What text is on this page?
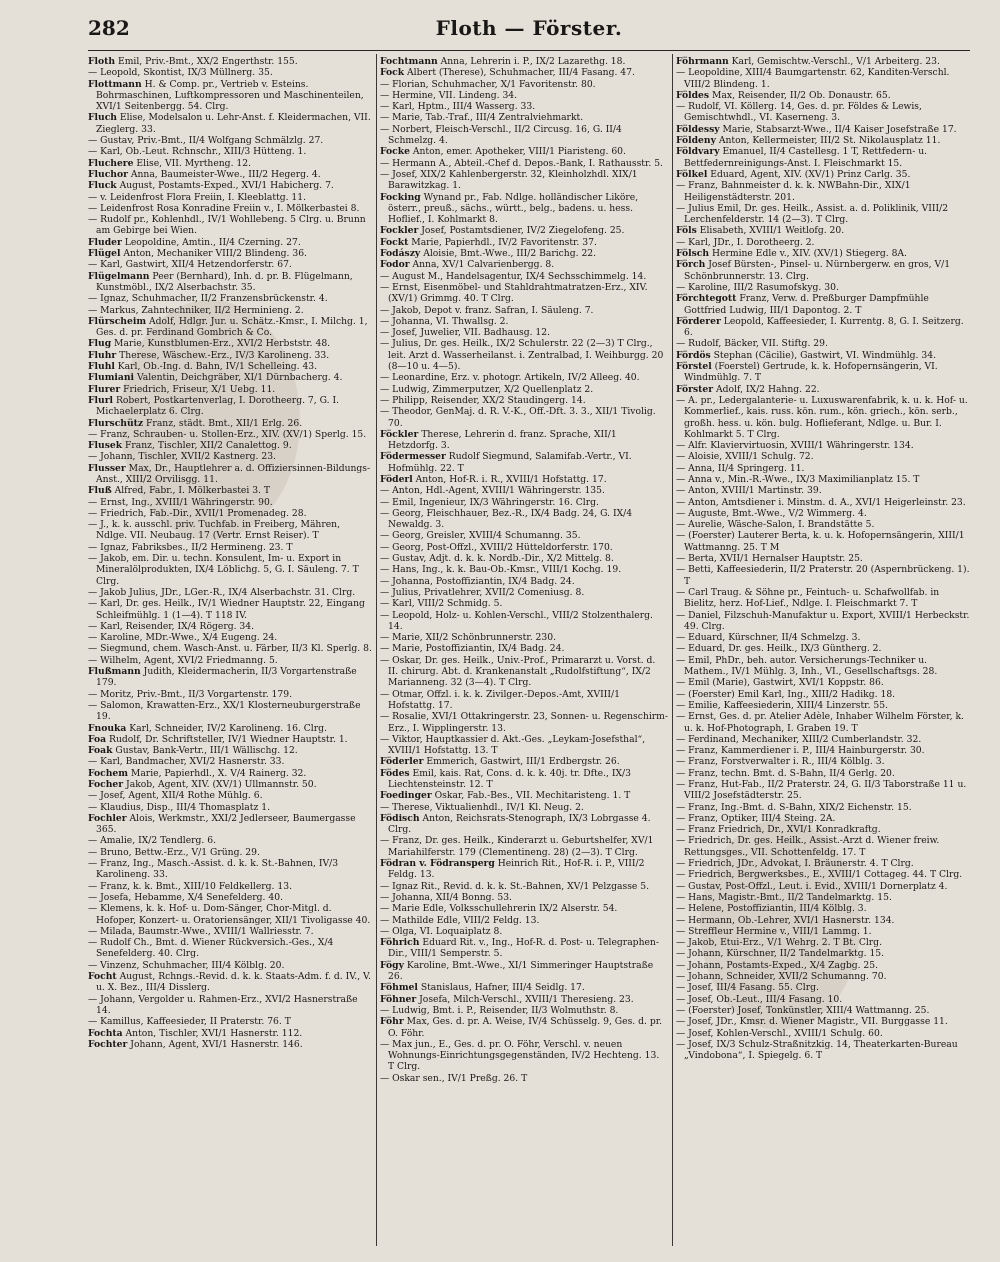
282	Floth — Förster.

Floth Emil, Priv.-Bmt., XX/2 Engerthstr. 155.

— Leopold, Skontist, IX/3 Müllnerg. 35.

Flottmann H. & Comp. pr., Vertrieb v. Esteins. Bohrmaschinen, Luftkompressoren und Maschinenteilen, XVI/1 Seitenbergg. 54. Clrg.

Fluch Elise, Modelsalon u. Lehr-Anst. f. Kleidermachen, VII. Zieglerg. 33.

— Gustav, Priv.-Bmt., II/4 Wolfgang Schmälzlg. 27.

— Karl, Ob.-Leut. Rchnschr., XIII/3 Hütteng. 1.

Fluchere Elise, VII. Myrtheng. 12.

Fluchor Anna, Baumeister-Wwe., III/2 Hegerg. 4.

Fluck August, Postamts-Exped., XVI/1 Habicherg. 7.

— v. Leidenfrost Flora Freiin, I. Kleeblattg. 11.

— Leidenfrost Rosa Konradine Freiin v., I. Mölkerbastei 8.

— Rudolf pr., Kohlenhdl., IV/1 Wohllebeng. 5 Clrg. u. Brunn am Gebirge bei Wien.

Fluder Leopoldine, Amtin., II/4 Czerning. 27.

Flügel Anton, Mechaniker VIII/2 Blindeng. 36.

— Karl, Gastwirt, XII/4 Hetzendorferstr. 67.

Flügelmann Peer (Bernhard), Inh. d. pr. B. Flügelmann, Kunstmöbl., IX/2 Alserbachstr. 35.

— Ignaz, Schuhmacher, II/2 Franzensbrückenstr. 4.

— Markus, Zahntechniker, II/2 Herminieng. 2.

Flürscheim Adolf, Hdlgr. Jur. u. Schätz.-Kmsr., I. Milchg. 1, Ges. d. pr. Ferdinand Gombrich & Co.

Flug Marie, Kunstblumen-Erz., XVI/2 Herbststr. 48.

Fluhr Therese, Wäschew.-Erz., IV/3 Karolineng. 33.

Fluhl Karl, Ob.-Ing. d. Bahn, IV/1 Schelleing. 43.

Flumiani Valentin, Deichgräber, XI/1 Dürnbacherg. 4.

Flurer Friedrich, Friseur, X/1 Uebg. 11.

Flurl Robert, Postkartenverlag, I. Dorotheerg. 7, G. I. Michaelerplatz 6. Clrg.

Flurschütz Franz, städt. Bmt., XII/1 Erlg. 26.

— Franz, Schrauben- u. Stollen-Erz., XIV. (XV/1) Sperlg. 15.

Flusek Franz, Tischler, XII/2 Canalettog. 9.

— Johann, Tischler, XVII/2 Kastnerg. 23.

Flusser Max, Dr., Hauptlehrer a. d. Offiziersinnen-Bildungs-Anst., XIII/2 Orvilisgg. 11.

Fluß Alfred, Fabr., I. Mölkerbastei 3. T

— Ernst, Ing., XVIII/1 Währingerstr. 90.

— Friedrich, Fab.-Dir., XVII/1 Promenadeg. 28.

— J., k. k. ausschl. priv. Tuchfab. in Freiberg, Mähren, Ndlge. VII. Neubaug. 17 (Vertr. Ernst Reiser). T

— Ignaz, Fabriksbes., II/2 Hermineng. 23. T

— Jakob, em. Dir. u. techn. Konsulent, Im- u. Export in Mineralölprodukten, IX/4 Löblichg. 5, G. I. Säuleng. 7. T Clrg.

— Jakob Julius, JDr., LGer.-R., IX/4 Alserbachstr. 31. Clrg.

— Karl, Dr. ges. Heilk., IV/1 Wiedner Hauptstr. 22, Eingang Schleifmühlg. 1 (1—4). T 118 IV.

— Karl, Reisender, IX/4 Rögerg. 34.

— Karoline, MDr.-Wwe., X/4 Eugeng. 24.

— Siegmund, chem. Wasch-Anst. u. Färber, II/3 Kl. Sperlg. 8.

— Wilhelm, Agent, XVI/2 Friedmanng. 5.

Flußmann Judith, Kleidermacherin, II/3 Vorgartenstraße 179.

— Moritz, Priv.-Bmt., II/3 Vorgartenstr. 179.

— Salomon, Krawatten-Erz., XX/1 Klosterneuburgerstraße 19.

Fnouka Karl, Schneider, IV/2 Karolineng. 16. Clrg.

Foa Rudolf, Dr. Schriftsteller, IV/1 Wiedner Hauptstr. 1.

Foak Gustav, Bank-Vertr., III/1 Wällischg. 12.

— Karl, Bandmacher, XVI/2 Hasnerstr. 33.

Fochem Marie, Papierhdl., X. V/4 Rainerg. 32.

Focher Jakob, Agent, XIV. (XV/1) Ullmannstr. 50.

— Josef, Agent, XII/4 Rothe Mühlg. 6.

— Klaudius, Disp., III/4 Thomasplatz 1.

Fochler Alois, Werkmstr., XXI/2 Jedlerseer, Baumergasse 365.

— Amalie, IX/2 Tendlerg. 6.

— Bruno, Bettw.-Erz., V/1 Grüng. 29.

— Franz, Ing., Masch.-Assist. d. k. k. St.-Bahnen, IV/3 Karolineng. 33.

— Franz, k. k. Bmt., XIII/10 Feldkellerg. 13.

— Josefa, Hebamme, X/4 Senefelderg. 40.

— Klemens, k. k. Hof- u. Dom-Sänger, Chor-Mitgl. d. Hofoper, Konzert- u. Oratoriensänger, XII/1 Tivoligasse 40.

— Milada, Baumstr.-Wwe., XVIII/1 Wallriesstr. 7.

— Rudolf Ch., Bmt. d. Wiener Rückversich.-Ges., X/4 Senefelderg. 40. Clrg.

— Vinzenz, Schuhmacher, III/4 Kölblg. 20.

Focht August, Rchngs.-Revid. d. k. k. Staats-Adm. f. d. IV., V. u. X. Bez., III/4 Disslerg.

— Johann, Vergolder u. Rahmen-Erz., XVI/2 Hasnerstraße 14.

— Kamillus, Kaffeesieder, II Praterstr. 76. T

Fochta Anton, Tischler, XVI/1 Hasnerstr. 112.

Fochter Johann, Agent, XVI/1 Hasnerstr. 146.

Fochtmann Anna, Lehrerin i. P., IX/2 Lazarethg. 18.

Fock Albert (Therese), Schuhmacher, III/4 Fasang. 47.

— Florian, Schuhmacher, X/1 Favoritenstr. 80.

— Hermine, VII. Lindeng. 34.

— Karl, Hptm., III/4 Wasserg. 33.

— Marie, Tab.-Traf., III/4 Zentralviehmarkt.

— Norbert, Fleisch-Verschl., II/2 Circusg. 16, G. II/4 Schmelzg. 4.

Focke Anton, emer. Apotheker, VIII/1 Piaristeng. 60.

— Hermann A., Abteil.-Chef d. Depos.-Bank, I. Rathausstr. 5.

— Josef, XIX/2 Kahlenbergerstr. 32, Kleinholzhdl. XIX/1 Barawitzkag. 1.

Focking Wynand pr., Fab. Ndlge. holländischer Liköre, österr., preuß., sächs., württ., belg., badens. u. hess. Hoflief., I. Kohlmarkt 8.

Fockler Josef, Postamtsdiener, IV/2 Ziegelofeng. 25.

Fockt Marie, Papierhdl., IV/2 Favoritenstr. 37.

Fodászy Aloisie, Bmt.-Wwe., III/2 Barichg. 22.

Fodor Anna, XV/1 Calvarienbergg. 8.

— August M., Handelsagentur, IX/4 Sechsschimmelg. 14.

— Ernst, Eisenmöbel- und Stahldrahtmatratzen-Erz., XIV. (XV/1) Grimmg. 40. T Clrg.

— Jakob, Depot v. franz. Safran, I. Säuleng. 7.

— Johanna, VI. Thwallsg. 2.

— Josef, Juwelier, VII. Badhausg. 12.

— Julius, Dr. ges. Heilk., IX/2 Schulerstr. 22 (2—3) T Clrg., leit. Arzt d. Wasserheilanst. i. Zentralbad, I. Weihburgg. 20 (8—10 u. 4—5).

— Leonardine, Erz. v. photogr. Artikeln, IV/2 Alleeg. 40.

— Ludwig, Zimmerputzer, X/2 Quellenplatz 2.

— Philipp, Reisender, XX/2 Staudingerg. 14.

— Theodor, GenMaj. d. R. V.-K., Off.-Dft. 3. 3., XII/1 Tivolig. 70.

Föckler Therese, Lehrerin d. franz. Sprache, XII/1 Hetzdorfg. 3.

Födermesser Rudolf Siegmund, Salamifab.-Vertr., VI. Hofmühlg. 22. T

Föderl Anton, Hof-R. i. R., XVIII/1 Hofstattg. 17.

— Anton, Hdl.-Agent, XVIII/1 Währingerstr. 135.

— Emil, Ingenieur, IX/3 Währingerstr. 16. Clrg.

— Georg, Fleischhauer, Bez.-R., IX/4 Badg. 24, G. IX/4 Newaldg. 3.

— Georg, Greisler, XVIII/4 Schumanng. 35.

— Georg, Post-Offzl., XVIII/2 Hütteldorferstr. 170.

— Gustav, Adjt. d. k. k. Nordb.-Dir., X/2 Mittelg. 8.

— Hans, Ing., k. k. Bau-Ob.-Kmsr., VIII/1 Kochg. 19.

— Johanna, Postoffiziantin, IX/4 Badg. 24.

— Julius, Privatlehrer, XVII/2 Comeniusg. 8.

— Karl, VIII/2 Schmidg. 5.

— Leopold, Holz- u. Kohlen-Verschl., VIII/2 Stolzenthalerg. 14.

— Marie, XII/2 Schönbrunnerstr. 230.

— Marie, Postoffiziantin, IX/4 Badg. 24.

— Oskar, Dr. ges. Heilk., Univ.-Prof., Primararzt u. Vorst. d. II. chirurg. Abt. d. Krankenanstalt „Rudolfstiftung“, IX/2 Marianneng. 32 (3—4). T Clrg.

— Otmar, Offzl. i. k. k. Zivilger.-Depos.-Amt, XVIII/1 Hofstattg. 17.

— Rosalie, XVI/1 Ottakringerstr. 23, Sonnen- u. Regenschirm-Erz., I. Wipplingerstr. 13.

— Viktor, Hauptkassier d. Akt.-Ges. „Leykam-Josefsthal“, XVIII/1 Hofstattg. 13. T

Föderler Emmerich, Gastwirt, III/1 Erdbergstr. 26.

Födes Emil, kais. Rat, Cons. d. k. k. 40j. tr. Dfte., IX/3 Liechtensteinstr. 12. T

Foedinger Oskar, Fab.-Bes., VII. Mechitaristeng. 1. T

— Therese, Viktualienhdl., IV/1 Kl. Neug. 2.

Födisch Anton, Reichsrats-Stenograph, IX/3 Lobrgasse 4. Clrg.

— Franz, Dr. ges. Heilk., Kinderarzt u. Geburtshelfer, XV/1 Mariahilferstr. 179 (Clementineng. 28) (2—3). T Clrg.

Födran v. Födransperg Heinrich Rit., Hof-R. i. P., VIII/2 Feldg. 13.

— Ignaz Rit., Revid. d. k. k. St.-Bahnen, XV/1 Pelzgasse 5.

— Johanna, XII/4 Bonng. 53.

— Marie Edle, Volksschullehrerin IX/2 Alserstr. 54.

— Mathilde Edle, VIII/2 Feldg. 13.

— Olga, VI. Loquaiplatz 8.

Föhrich Eduard Rit. v., Ing., Hof-R. d. Post- u. Telegraphen-Dir., VIII/1 Semperstr. 5.

Fögy Karoline, Bmt.-Wwe., XI/1 Simmeringer Hauptstraße 26.

Föhmel Stanislaus, Hafner, III/4 Seidlg. 17.

Föhner Josefa, Milch-Verschl., XVIII/1 Theresieng. 23.

— Ludwig, Bmt. i. P., Reisender, II/3 Wolmuthstr. 8.

Föhr Max, Ges. d. pr. A. Weise, IV/4 Schüsselg. 9, Ges. d. pr. O. Föhr.

— Max jun., E., Ges. d. pr. O. Föhr, Verschl. v. neuen Wohnungs-Einrichtungsgegenständen, IV/2 Hechteng. 13. T Clrg.

— Oskar sen., IV/1 Preßg. 26. T

Föhrmann Karl, Gemischtw.-Verschl., V/1 Arbeiterg. 23.

— Leopoldine, XIII/4 Baumgartenstr. 62, Kanditen-Verschl. VIII/2 Blindeng. 1.

Földes Max, Reisender, II/2 Ob. Donaustr. 65.

— Rudolf, VI. Köllerg. 14, Ges. d. pr. Földes & Lewis, Gemischtwhdl., VI. Kaserneng. 3.

Földessy Marie, Stabsarzt-Wwe., II/4 Kaiser Josefstraße 17.

Földeny Anton, Kellermeister, III/2 St. Nikolausplatz 11.

Földvary Emanuel, II/4 Castellesg. 1 T, Rettfedern- u. Bettfedernreinigungs-Anst. I. Fleischmarkt 15.

Fölkel Eduard, Agent, XIV. (XV/1) Prinz Carlg. 35.

— Franz, Bahnmeister d. k. k. NWBahn-Dir., XIX/1 Heiligenstädterstr. 201.

— Julius Emil, Dr. ges. Heilk., Assist. a. d. Poliklinik, VIII/2 Lerchenfelderstr. 14 (2—3). T Clrg.

Föls Elisabeth, XVIII/1 Weitlofg. 20.

— Karl, JDr., I. Dorotheerg. 2.

Fölsch Hermine Edle v., XIV. (XV/1) Stiegerg. 8A.

Förch Josef Bürsten-, Pinsel- u. Nürnbergerw. en gros, V/1 Schönbrunnerstr. 13. Clrg.

— Karoline, III/2 Rasumofskyg. 30.

Förchtegott Franz, Verw. d. Preßburger Dampfmühle Gottfried Ludwig, III/1 Dapontog. 2. T

Förderer Leopold, Kaffeesieder, I. Kurrentg. 8, G. I. Seitzerg. 6.

— Rudolf, Bäcker, VII. Stiftg. 29.

Fördös Stephan (Cäcilie), Gastwirt, VI. Windmühlg. 34.

Förstel (Foerstel) Gertrude, k. k. Hofopernsängerin, VI. Windmühlg. 7. T

Förster Adolf, IX/2 Hahng. 22.

— A. pr., Ledergalanterie- u. Luxuswarenfabrik, k. u. k. Hof- u. Kommerlief., kais. russ. kön. rum., kön. griech., kön. serb., großh. hess. u. kön. bulg. Hoflieferant, Ndlge. u. Bur. I. Kohlmarkt 5. T Clrg.

— Alfr. Klaviervirtuosin, XVIII/1 Währingerstr. 134.

— Aloisie, XVIII/1 Schulg. 72.

— Anna, II/4 Springerg. 11.

— Anna v., Min.-R.-Wwe., IX/3 Maximilianplatz 15. T

— Anton, XVIII/1 Martinstr. 39.

— Anton, Amtsdiener i. Minstm. d. A., XVI/1 Heigerleinstr. 23.

— Auguste, Bmt.-Wwe., V/2 Wimmerg. 4.

— Aurelie, Wäsche-Salon, I. Brandstätte 5.

— (Foerster) Lauterer Berta, k. u. k. Hofopernsängerin, XIII/1 Wattmanng. 25. T M

— Berta, XVII/1 Hernalser Hauptstr. 25.

— Betti, Kaffeesiederin, II/2 Praterstr. 20 (Aspernbrückeng. 1). T

— Carl Traug. & Söhne pr., Feintuch- u. Schafwollfab. in Bielitz, herz. Hof-Lief., Ndlge. I. Fleischmarkt 7. T

— Daniel, Filzschuh-Manufaktur u. Export, XVIII/1 Herbeckstr. 49. Clrg.

— Eduard, Kürschner, II/4 Schmelzg. 3.

— Eduard, Dr. ges. Heilk., IX/3 Güntherg. 2.

— Emil, PhDr., beh. autor. Versicherungs-Techniker u. Mathem., IV/1 Mühlg. 3, Inh., VI., Gesellschaftsgs. 28.

— Emil (Marie), Gastwirt, XVI/1 Koppstr. 86.

— (Foerster) Emil Karl, Ing., XIII/2 Hadikg. 18.

— Emilie, Kaffeesiederin, XIII/4 Linzerstr. 55.

— Ernst, Ges. d. pr. Atelier Adèle, Inhaber Wilhelm Förster, k. u. k. Hof-Photograph, I. Graben 19. T

— Ferdinand, Mechaniker, XIII/2 Cumberlandstr. 32.

— Franz, Kammerdiener i. P., III/4 Hainburgerstr. 30.

— Franz, Forstverwalter i. R., III/4 Kölblg. 3.

— Franz, techn. Bmt. d. S-Bahn, II/4 Gerlg. 20.

— Franz, Hut-Fab., II/2 Praterstr. 24, G. II/3 Taborstraße 11 u. VIII/2 Josefstädterstr. 25.

— Franz, Ing.-Bmt. d. S-Bahn, XIX/2 Eichenstr. 15.

— Franz, Optiker, III/4 Steing. 2A.

— Franz Friedrich, Dr., XVI/1 Konradkraftg.

— Friedrich, Dr. ges. Heilk., Assist.-Arzt d. Wiener freiw. Rettungsges., VII. Schottenfeldg. 17. T

— Friedrich, JDr., Advokat, I. Bräunerstr. 4. T Clrg.

— Friedrich, Bergwerksbes., E., XVIII/1 Cottageg. 44. T Clrg.

— Gustav, Post-Offzl., Leut. i. Evid., XVIII/1 Dornerplatz 4.

— Hans, Magistr.-Bmt., II/2 Tandelmarktg. 15.

— Helene, Postoffiziantin, III/4 Kölblg. 3.

— Hermann, Ob.-Lehrer, XVI/1 Hasnerstr. 134.

— Streffleur Hermine v., VIII/1 Lammg. 1.

— Jakob, Etui-Erz., V/1 Wehrg. 2. T Bt. Clrg.

— Johann, Kürschner, II/2 Tandelmarktg. 15.

— Johann, Postamts-Exped., X/4 Zagbg. 25.

— Johann, Schneider, XVII/2 Schumanng. 70.

— Josef, III/4 Fasang. 55. Clrg.

— Josef, Ob.-Leut., III/4 Fasang. 10.

— (Foerster) Josef, Tonkünstler, XIII/4 Wattmanng. 25.

— Josef, JDr., Kmsr. d. Wiener Magistr., VII. Burggasse 11.

— Josef, Kohlen-Verschl., XVIII/1 Schulg. 60.

— Josef, IX/3 Schulz-Straßnitzkig. 14, Theaterkarten-Bureau „Vindobona“, I. Spiegelg. 6. T
